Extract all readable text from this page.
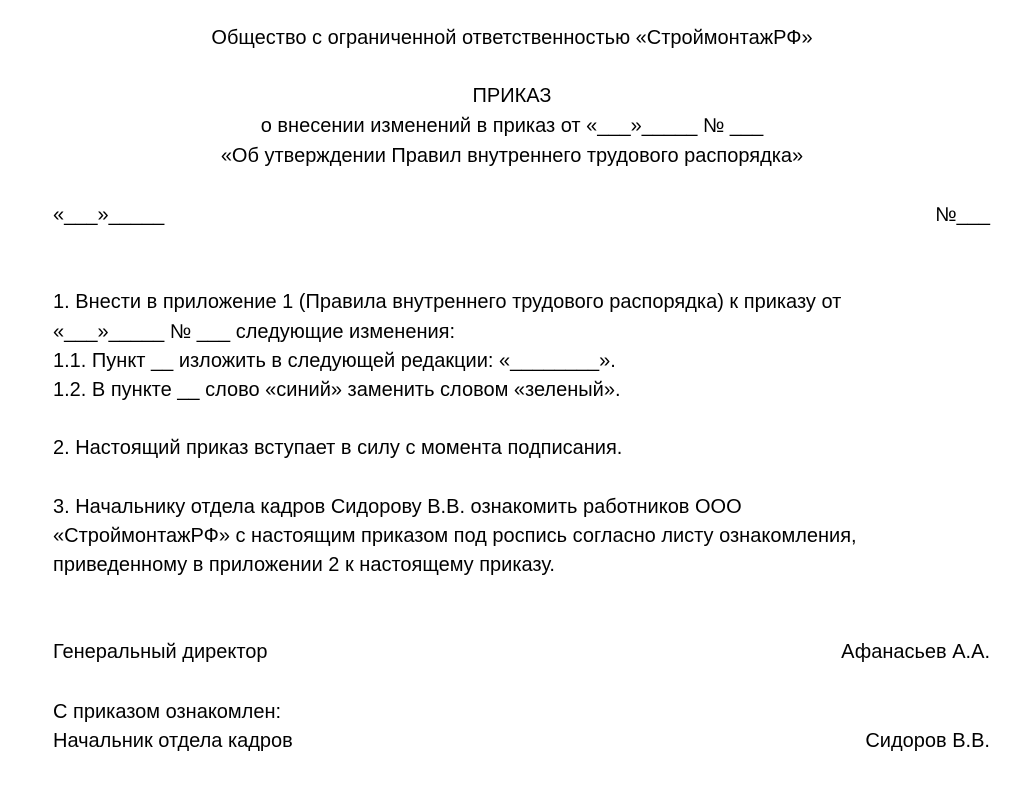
Общество с ограниченной ответственностью «СтроймонтажРФ»
ПРИКАЗ
о внесении изменений в приказ от «___»_____ № ___
«Об утверждении Правил внутреннего трудового распорядка»
«___»_____	№___
1. Внести в приложение 1 (Правила внутреннего трудового распорядка) к приказу от
«___»_____ № ___ следующие изменения:
1.1. Пункт __ изложить в следующей редакции: «________».
1.2. В пункте __ слово «синий» заменить словом «зеленый».
2. Настоящий приказ вступает в силу с момента подписания.
3. Начальнику отдела кадров Сидорову В.В. ознакомить работников ООО
«СтроймонтажРФ» с настоящим приказом под роспись согласно листу ознакомления,
приведенному в приложении 2 к настоящему приказу.
Генеральный директор	Афанасьев А.А.
С приказом ознакомлен:
Начальник отдела кадров	Сидоров В.В.
